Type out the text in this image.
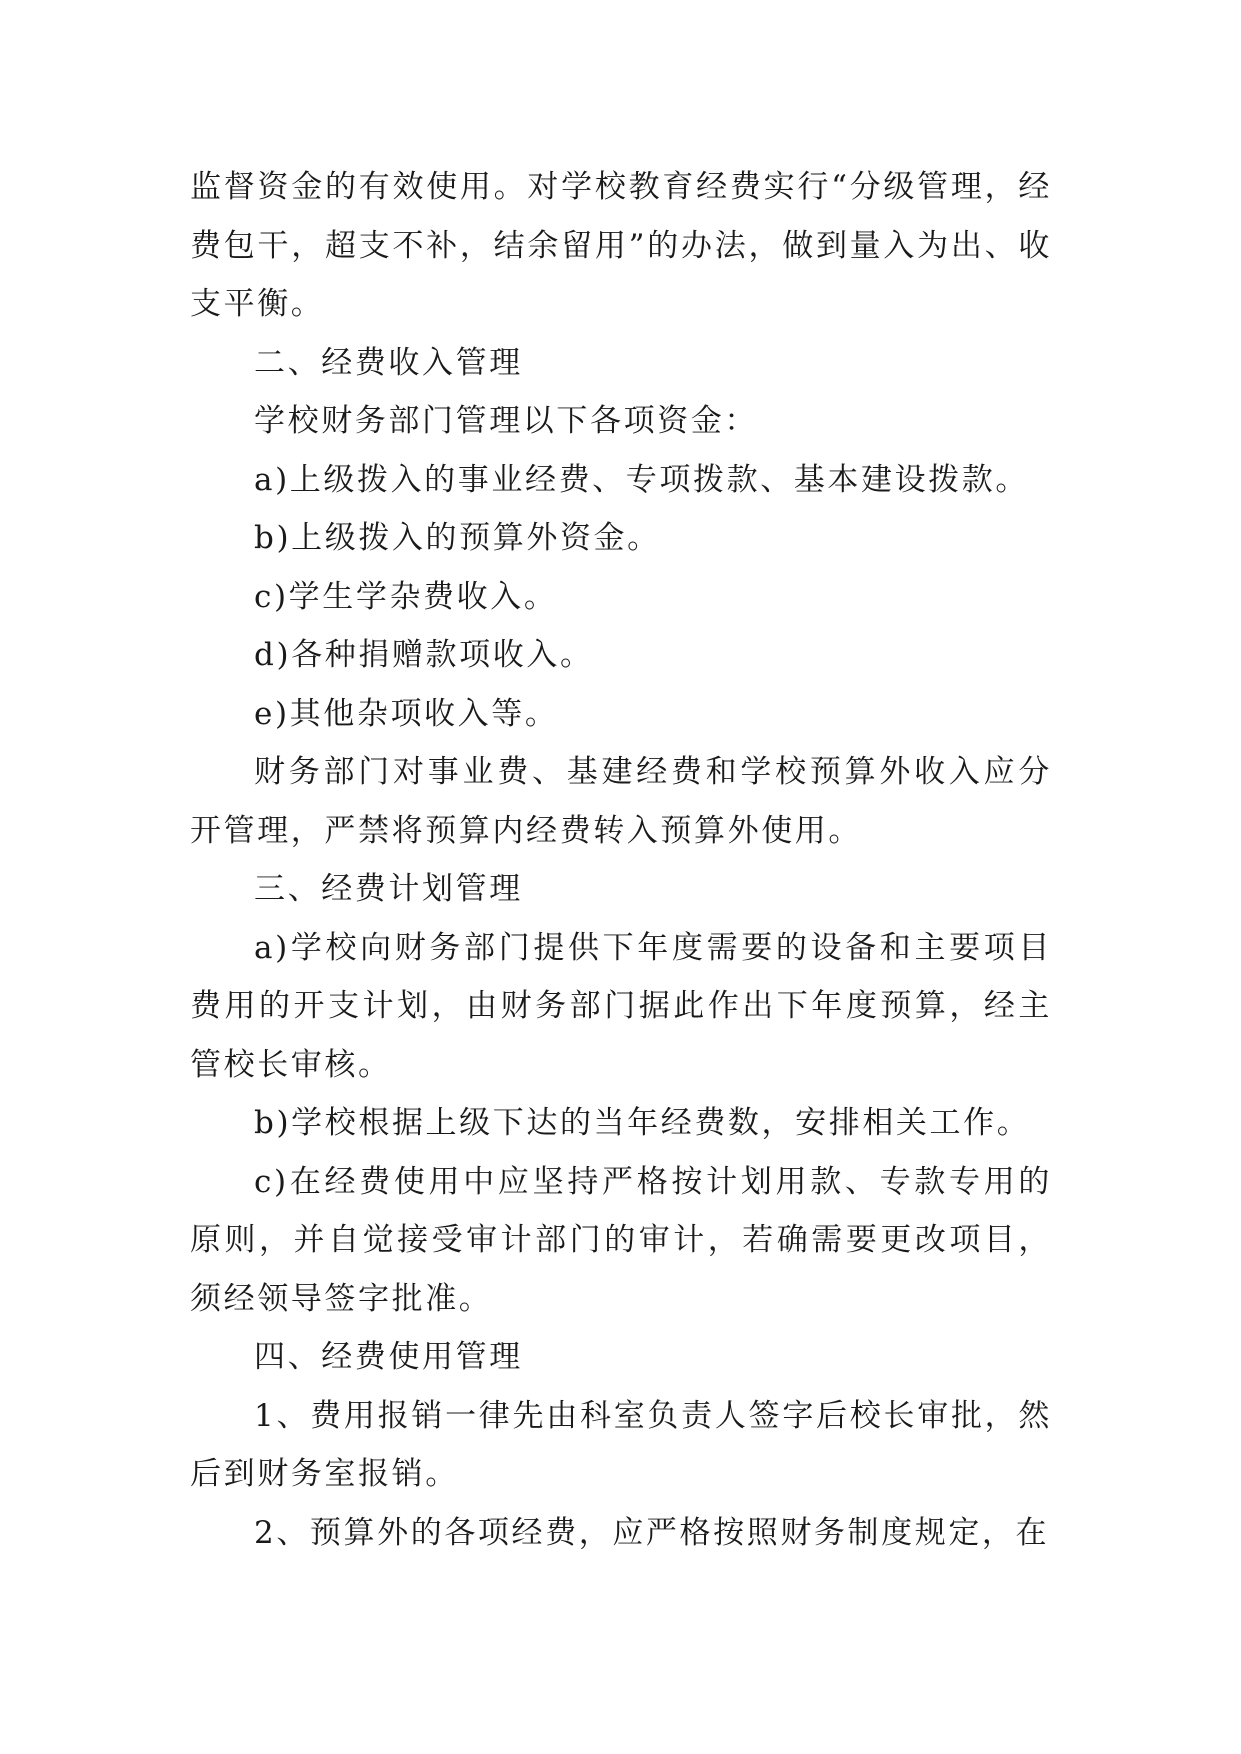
监督资金的有效使用。对学校教育经费实行“分级管理，经费包干，超支不补，结余留用”的办法，做到量入为出、收支平衡。

二、经费收入管理

学校财务部门管理以下各项资金：

a)上级拨入的事业经费、专项拨款、基本建设拨款。

b)上级拨入的预算外资金。

c)学生学杂费收入。

d)各种捐赠款项收入。

e)其他杂项收入等。

财务部门对事业费、基建经费和学校预算外收入应分开管理，严禁将预算内经费转入预算外使用。

三、经费计划管理

a)学校向财务部门提供下年度需要的设备和主要项目费用的开支计划，由财务部门据此作出下年度预算，经主管校长审核。

b)学校根据上级下达的当年经费数，安排相关工作。

c)在经费使用中应坚持严格按计划用款、专款专用的原则，并自觉接受审计部门的审计，若确需要更改项目，须经领导签字批准。

四、经费使用管理

1、费用报销一律先由科室负责人签字后校长审批，然后到财务室报销。

2、预算外的各项经费，应严格按照财务制度规定，在
